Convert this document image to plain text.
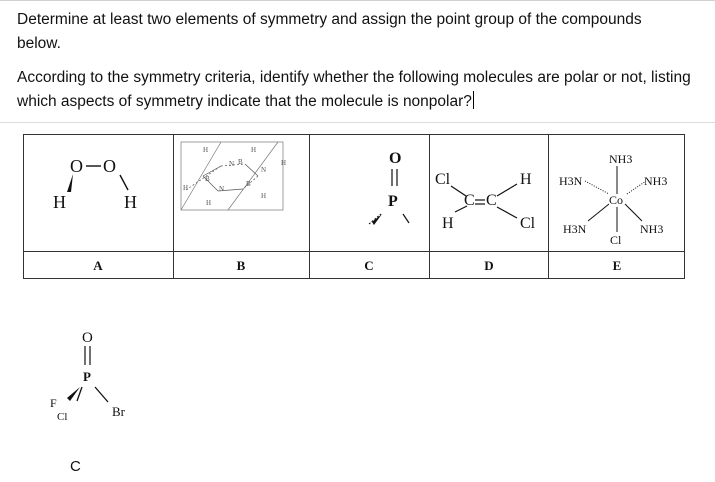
Determine at least two elements of symmetry and assign the point group of the compounds below.

According to the symmetry criteria, identify whether the following molecules are polar or not, listing which aspects of symmetry indicate that the molecule is nonpolar?

O O
H	H
H	H
H
H
H
H
N
N
N
B
B
B
O
P
Cl
H
C C
H
Cl
NH3
H3N	NH3
Co
H3N	NH3
Cl
A	B	C	D	E
O
P
F
Cl	Br
C
